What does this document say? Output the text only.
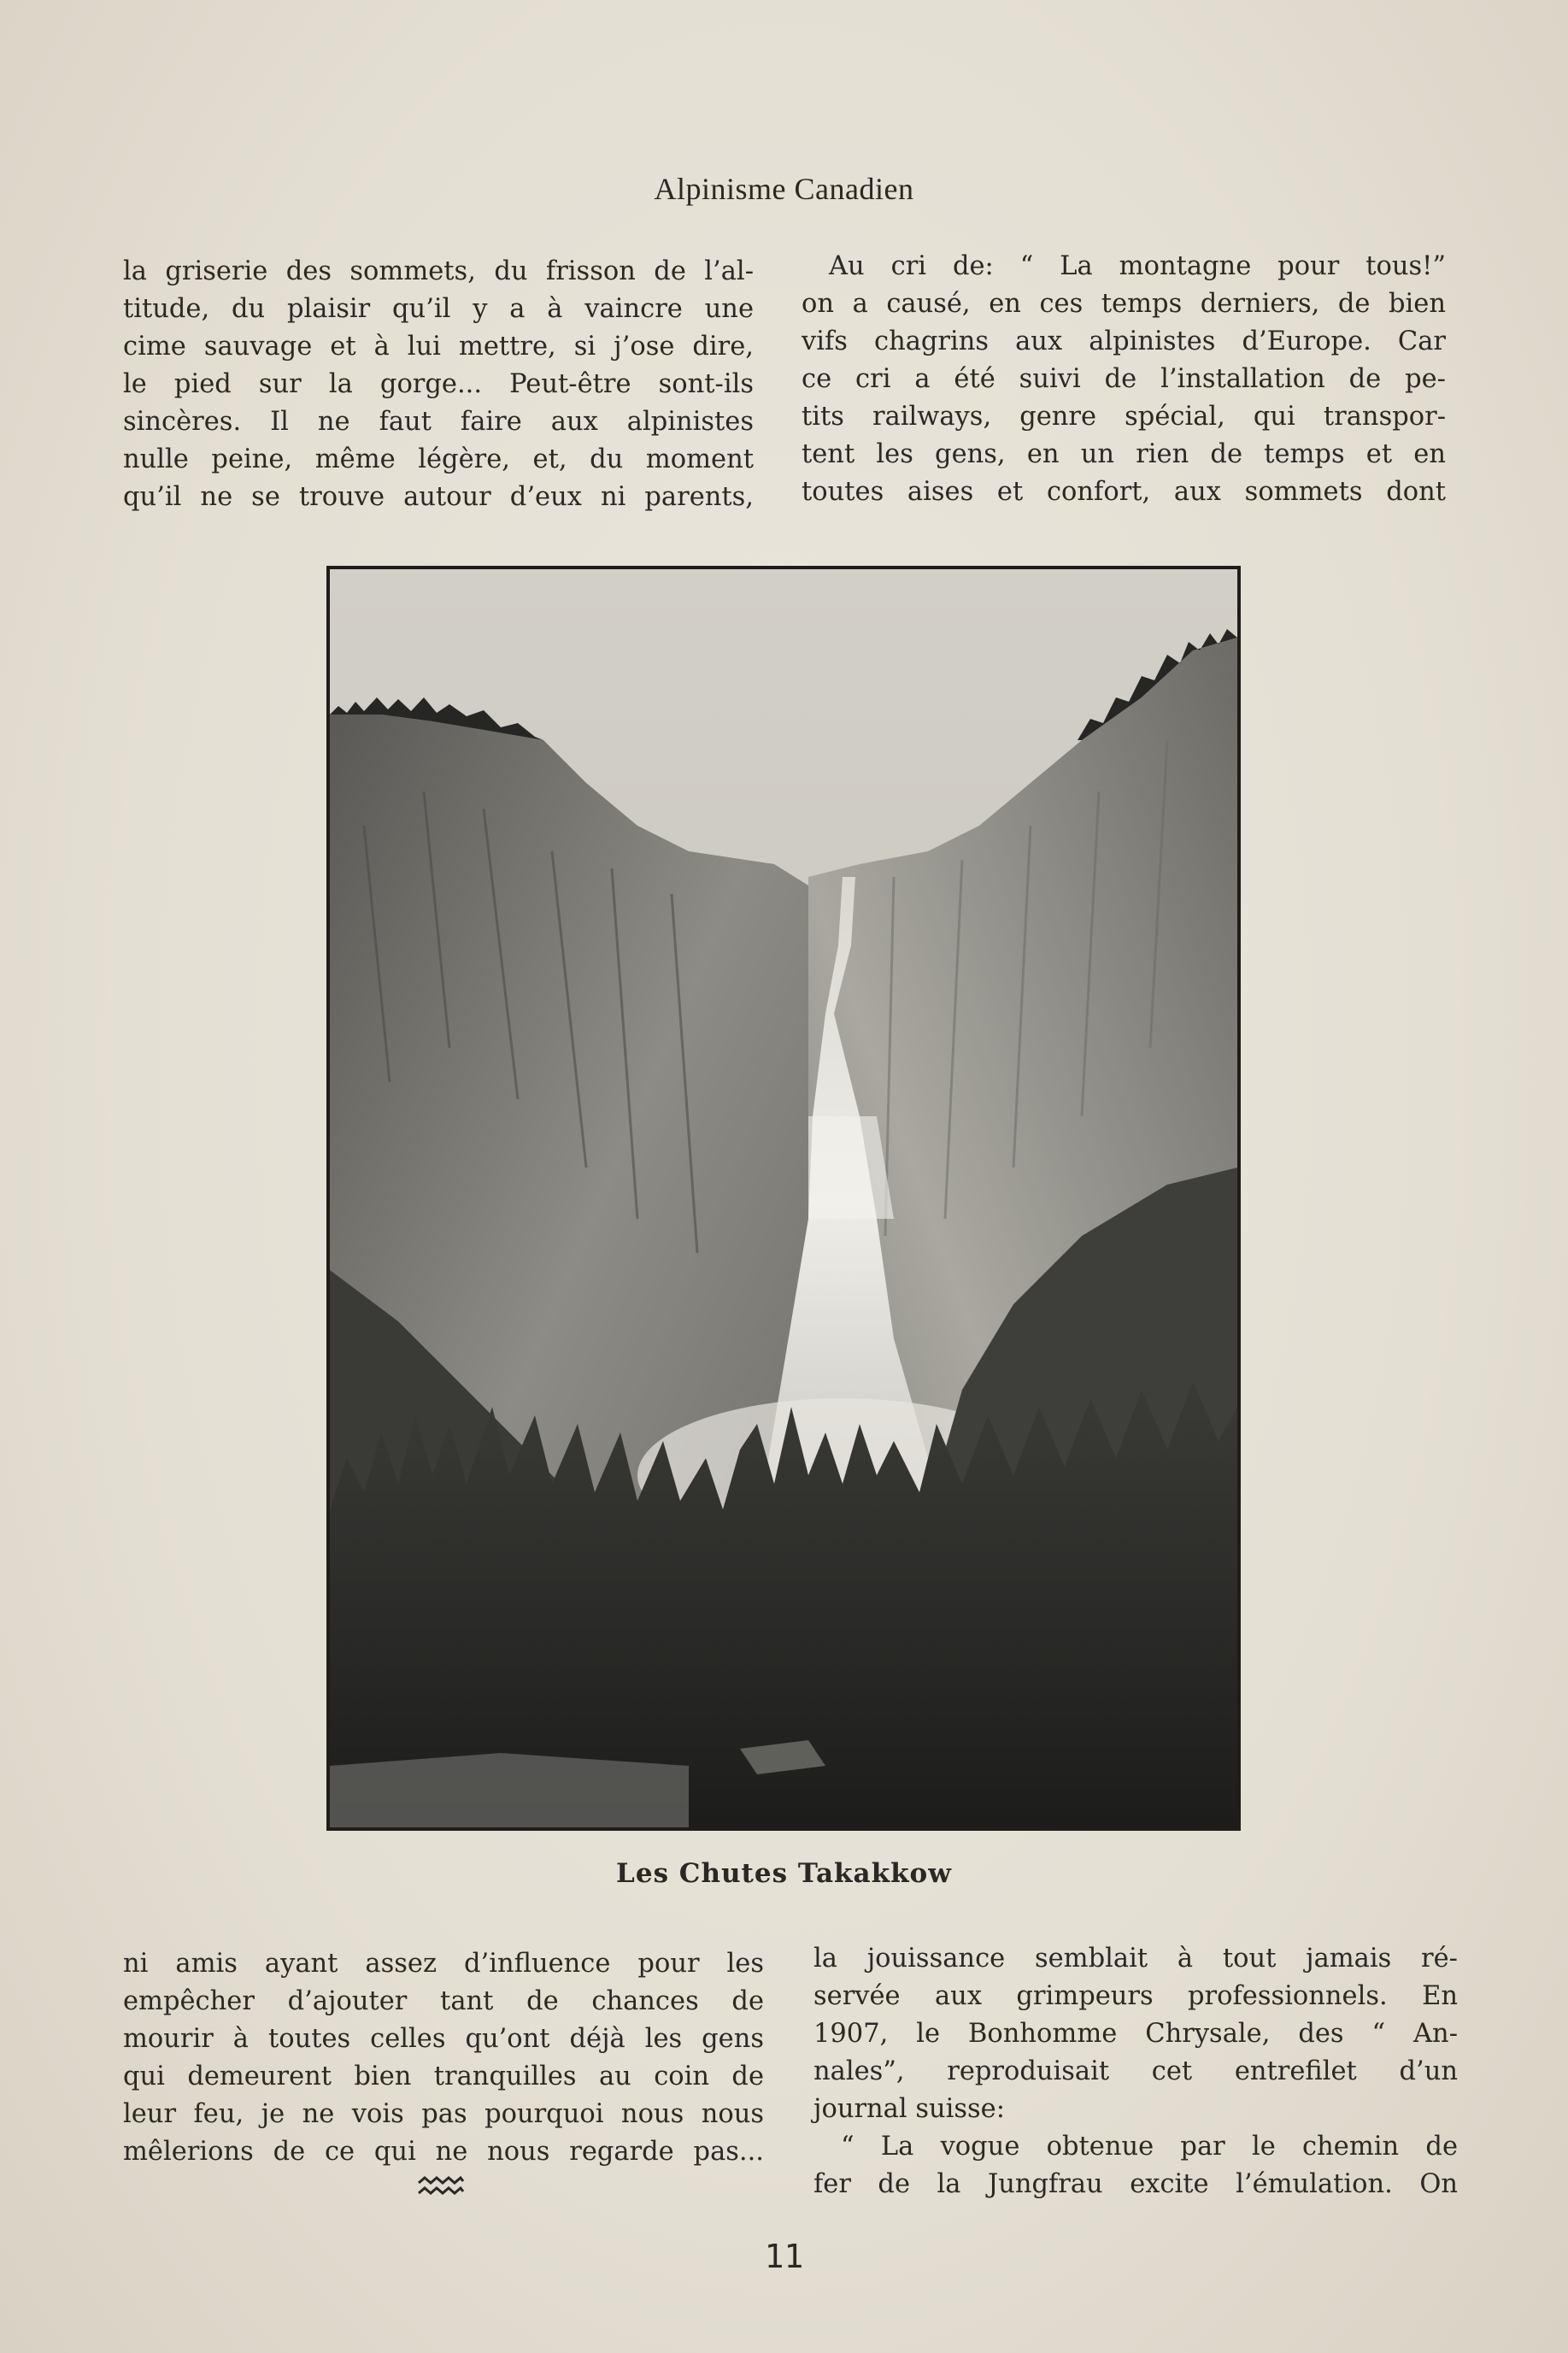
Alpinisme Canadien
la griserie des sommets, du frisson de l’al-
titude, du plaisir qu’il y a à vaincre une
cime sauvage et à lui mettre, si j’ose dire,
le pied sur la gorge... Peut-être sont-ils
sincères. Il ne faut faire aux alpinistes
nulle peine, même légère, et, du moment
qu’il ne se trouve autour d’eux ni parents,
Au cri de: “ La montagne pour tous!”
on a causé, en ces temps derniers, de bien
vifs chagrins aux alpinistes d’Europe. Car
ce cri a été suivi de l’installation de pe-
tits railways, genre spécial, qui transpor-
tent les gens, en un rien de temps et en
toutes aises et confort, aux sommets dont
Les Chutes Takakkow
ni amis ayant assez d’influence pour les
empêcher d’ajouter tant de chances de
mourir à toutes celles qu’ont déjà les gens
qui demeurent bien tranquilles au coin de
leur feu, je ne vois pas pourquoi nous nous
mêlerions de ce qui ne nous regarde pas...
la jouissance semblait à tout jamais ré-
servée aux grimpeurs professionnels. En
1907, le Bonhomme Chrysale, des “ An-
nales”, reproduisait cet entrefilet d’un
journal suisse:
“ La vogue obtenue par le chemin de
fer de la Jungfrau excite l’émulation. On
11
